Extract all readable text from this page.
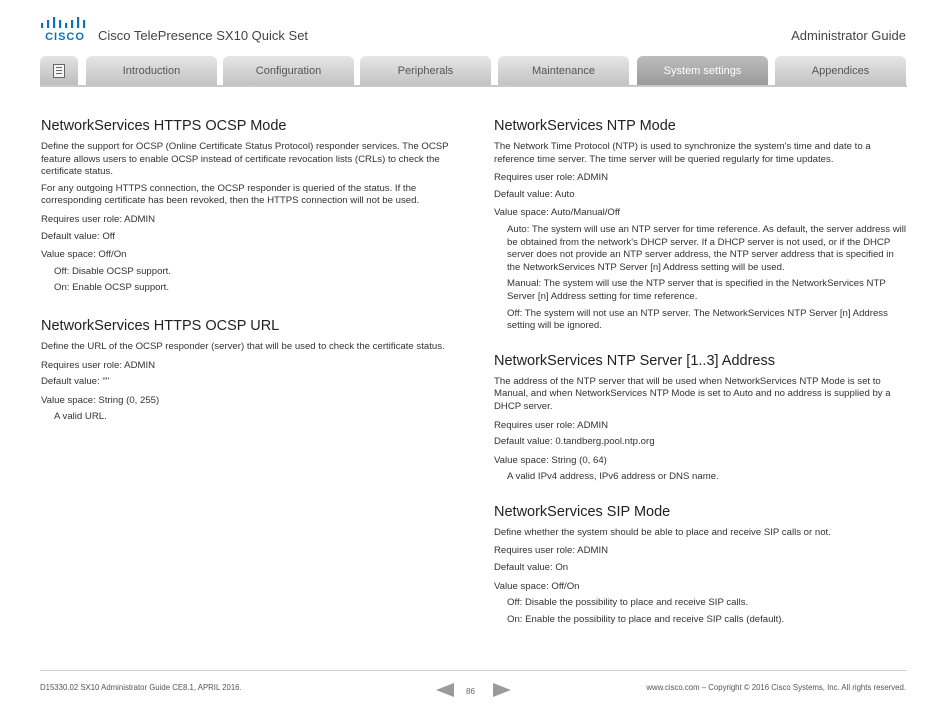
CISCO	Cisco TelePresence SX10 Quick Set	Administrator Guide
Introduction	Configuration	Peripherals	Maintenance	System settings	Appendices
NetworkServices HTTPS OCSP Mode

Define the support for OCSP (Online Certificate Status Protocol) responder services. The OCSP feature allows users to enable OCSP instead of certificate revocation lists (CRLs) to check the certificate status.

For any outgoing HTTPS connection, the OCSP responder is queried of the status. If the corresponding certificate has been revoked, then the HTTPS connection will not be used.

Requires user role: ADMIN

Default value: Off

Value space: Off/On

Off: Disable OCSP support.

On: Enable OCSP support.

NetworkServices HTTPS OCSP URL

Define the URL of the OCSP responder (server) that will be used to check the certificate status.

Requires user role: ADMIN

Default value: ""

Value space: String (0, 255)

A valid URL.

NetworkServices NTP Mode

The Network Time Protocol (NTP) is used to synchronize the system's time and date to a reference time server. The time server will be queried regularly for time updates.

Requires user role: ADMIN

Default value: Auto

Value space: Auto/Manual/Off

Auto: The system will use an NTP server for time reference. As default, the server address will be obtained from the network's DHCP server. If a DHCP server is not used, or if the DHCP server does not provide an NTP server address, the NTP server address that is specified in the NetworkServices NTP Server [n] Address setting will be used.

Manual: The system will use the NTP server that is specified in the NetworkServices NTP Server [n] Address setting for time reference.

Off: The system will not use an NTP server. The NetworkServices NTP Server [n] Address setting will be ignored.

NetworkServices NTP Server [1..3] Address

The address of the NTP server that will be used when NetworkServices NTP Mode is set to Manual, and when NetworkServices NTP Mode is set to Auto and no address is supplied by a DHCP server.

Requires user role: ADMIN

Default value: 0.tandberg.pool.ntp.org

Value space: String (0, 64)

A valid IPv4 address, IPv6 address or DNS name.

NetworkServices SIP Mode

Define whether the system should be able to place and receive SIP calls or not.

Requires user role: ADMIN

Default value: On

Value space: Off/On

Off: Disable the possibility to place and receive SIP calls.

On: Enable the possibility to place and receive SIP calls (default).

D15330.02 SX10 Administrator Guide CE8.1, APRIL 2016.	86	www.cisco.com – Copyright © 2016 Cisco Systems, Inc. All rights reserved.
